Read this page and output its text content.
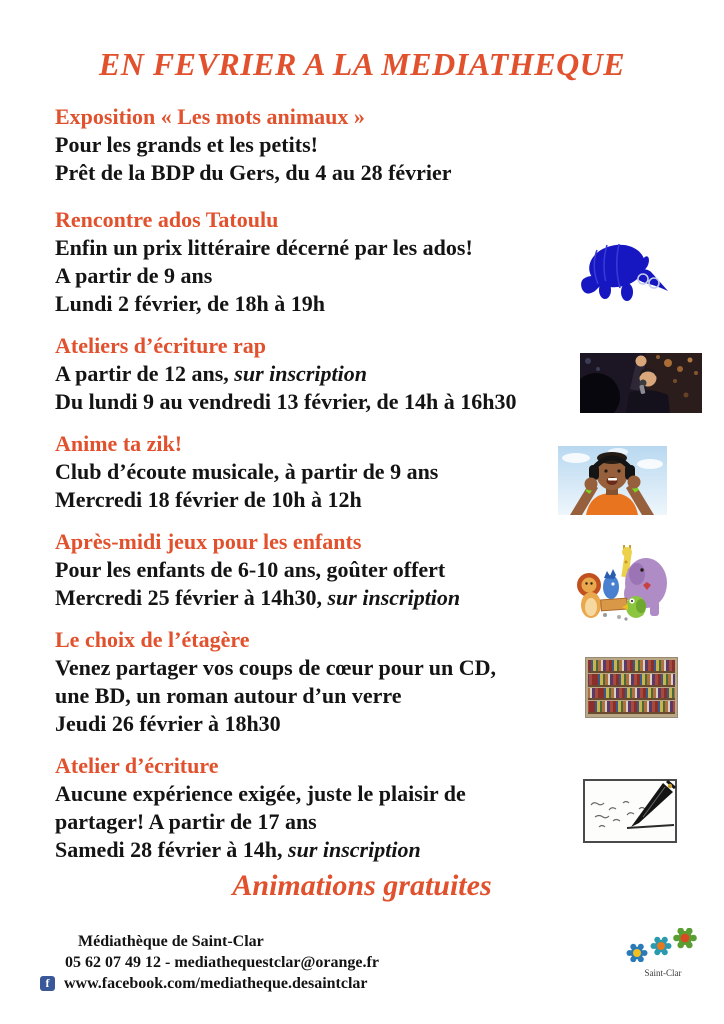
EN FEVRIER A LA MEDIATHEQUE
Exposition « Les mots animaux »
Pour les grands et les petits!
Prêt de la BDP du Gers, du 4 au 28 février
Rencontre ados Tatoulu
Enfin un prix littéraire décerné par les ados!
A partir de 9 ans
Lundi 2 février, de 18h à 19h
Ateliers d’écriture rap
A partir de 12 ans, sur inscription
Du lundi 9 au vendredi 13 février, de 14h à 16h30
Anime ta zik!
Club d’écoute musicale, à partir de 9 ans
Mercredi 18 février de 10h à 12h
Après-midi jeux pour les enfants
Pour les enfants de 6-10 ans, goûter offert
Mercredi 25 février à 14h30, sur inscription
Le choix de l’étagère
Venez partager vos coups de cœur pour un CD,
une BD, un roman autour d’un verre
Jeudi 26 février à 18h30
Atelier d’écriture
Aucune expérience exigée, juste le plaisir de
partager! A partir de 17 ans
Samedi 28 février à 14h, sur inscription
Animations gratuites
Médiathèque de Saint-Clar
05 62 07 49 12 - mediathequestclar@orange.fr
f www.facebook.com/mediatheque.desaintclar
Saint-Clar
